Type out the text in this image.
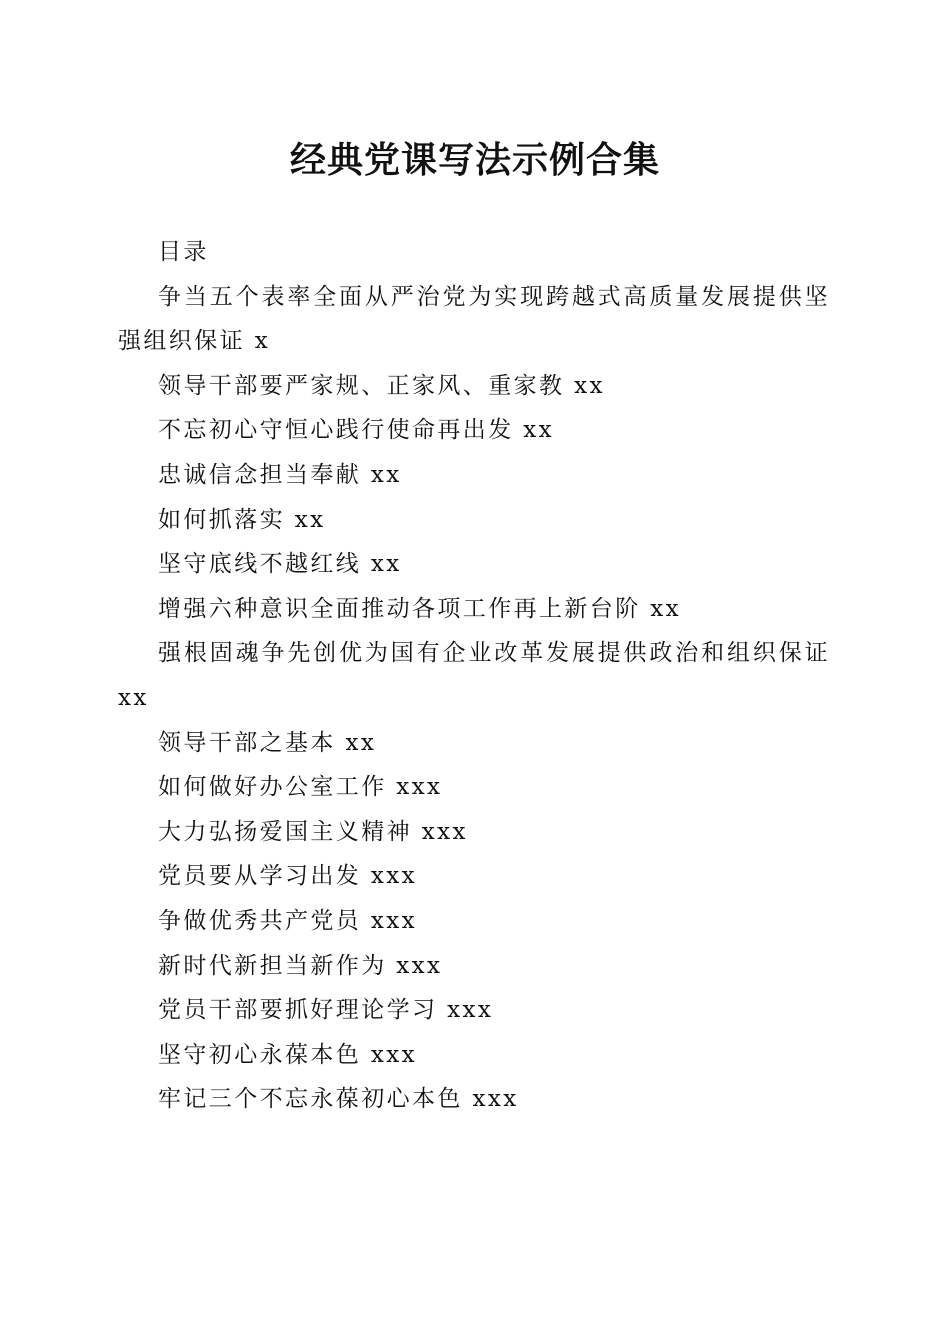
经典党课写法示例合集

目录

争当五个表率全面从严治党为实现跨越式高质量发展提供坚强组织保证 x

领导干部要严家规、正家风、重家教 xx

不忘初心守恒心践行使命再出发 xx

忠诚信念担当奉献 xx

如何抓落实 xx

坚守底线不越红线 xx

增强六种意识全面推动各项工作再上新台阶 xx

强根固魂争先创优为国有企业改革发展提供政治和组织保证 xx

领导干部之基本 xx

如何做好办公室工作 xxx

大力弘扬爱国主义精神 xxx

党员要从学习出发 xxx

争做优秀共产党员 xxx

新时代新担当新作为 xxx

党员干部要抓好理论学习 xxx

坚守初心永葆本色 xxx

牢记三个不忘永葆初心本色 xxx
